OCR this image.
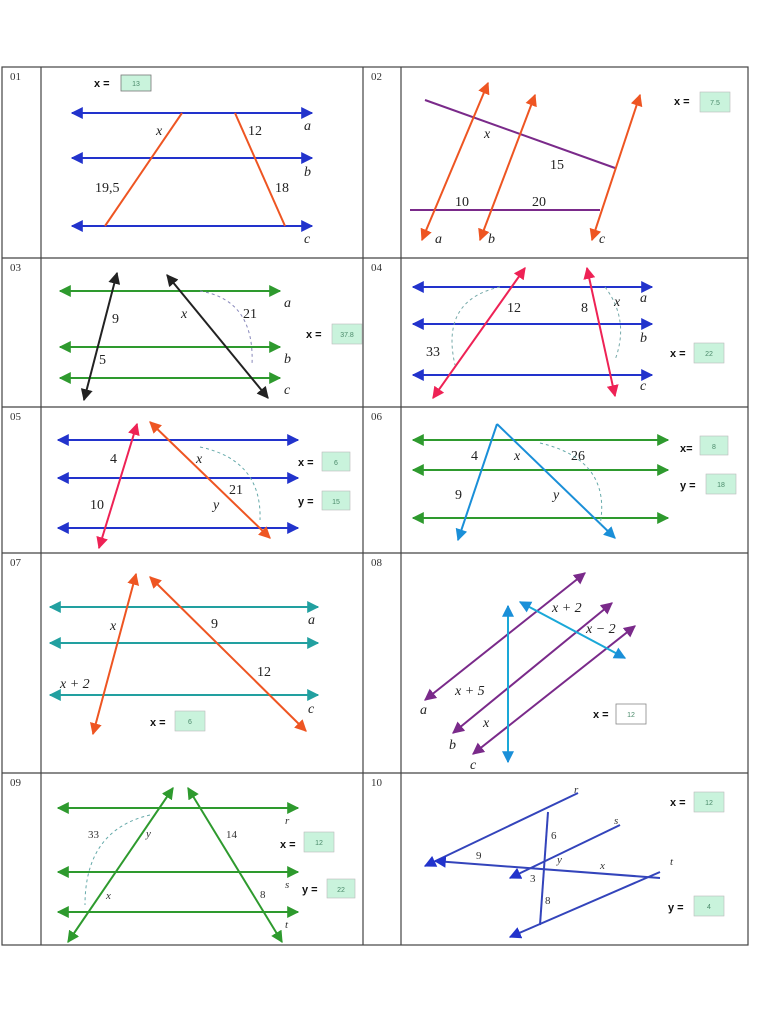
01	02
03	04
05	06
07	08
09	10
x	12
19,5	18
a
b
c
x =	13
x
15
10	20
a	b	c
x =	7.5
9	x	21
5
a
b
c
x =	37.8
12	8 x
33
a
b
c
x =	22
4	x
10
21
y
x =	6
y =	15
4	x	26
9	y
x=	8
y =	18
x	9
x + 2
12
a
c
x =	6
x + 2
x − 2
x + 5
x
a
b
c
x =	12
33	y	14
x	8
r
s
t
x =	12
y =	22
6
9	y	x
3
8
r
s
t
x =	12
y =	4
